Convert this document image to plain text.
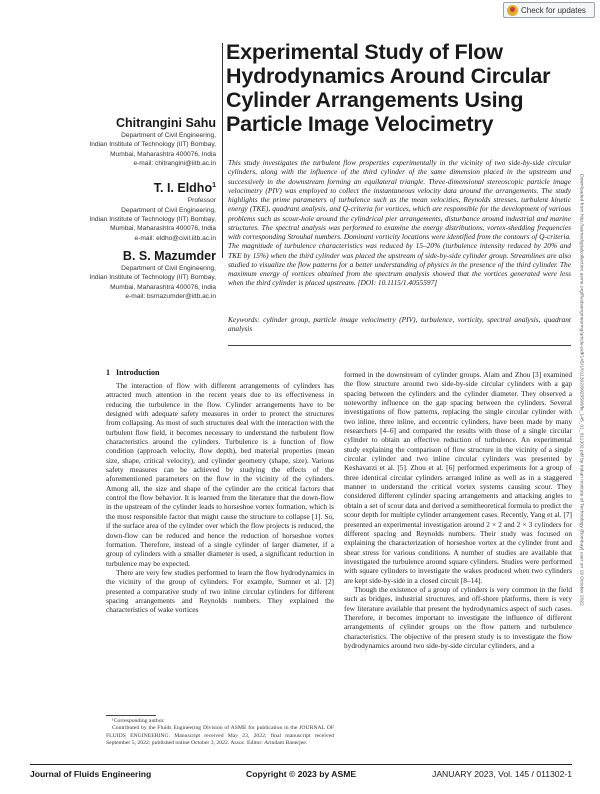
Check for updates
Experimental Study of Flow Hydrodynamics Around Circular Cylinder Arrangements Using Particle Image Velocimetry
Chitrangini Sahu
Department of Civil Engineering,
Indian Institute of Technology (IIT) Bombay,
Mumbai, Maharashtra 400076, India
e-mail: chitrangini@iitb.ac.in
T. I. Eldho$^1$
Professor
Department of Civil Engineering,
Indian Institute of Technology (IIT) Bombay,
Mumbai, Maharashtra 400076, India
e-mail: eldho@civil.iitb.ac.in
B. S. Mazumder
Department of Civil Engineering,
Indian Institute of Technology (IIT) Bombay,
Mumbai, Maharashtra 400076, India
e-mail: bsmazumder@iitb.ac.in
This study investigates the turbulent flow properties experimentally in the vicinity of two side-by-side circular cylinders, along with the influence of the third cylinder of the same dimension placed in the upstream and successively in the downstream forming an equilateral triangle. Three-dimensional stereoscopic particle image velocimetry (PIV) was employed to collect the instantaneous velocity data around the arrangements. The study highlights the prime parameters of turbulence such as the mean velocities, Reynolds stresses, turbulent kinetic energy (TKE), quadrant analysis, and Q-criteria for vortices, which are responsible for the development of various problems such as scour-hole around the cylindrical pier arrangements, disturbance around industrial and marine structures. The spectral analysis was performed to examine the energy distributions, vortex-shedding frequencies with corresponding Strouhal numbers. Dominant vorticity locations were identified from the contours of Q-criteria. The magnitude of turbulence characteristics was reduced by 15–20% (turbulence intensity reduced by 20% and TKE by 15%) when the third cylinder was placed the upstream of side-by-side cylinder group. Streamlines are also studied to visualize the flow patterns for a better understanding of physics in the presence of the third cylinder. The maximum energy of vortices obtained from the spectrum analysis showed that the vortices generated were less when the third cylinder is placed upstream. [DOI: 10.1115/1.4055597]
Keywords: cylinder group, particle image velocimetry (PIV), turbulence, vorticity, spectral analysis, quadrant analysis
1 Introduction

The interaction of flow with different arrangements of cylinders has attracted much attention in the recent years due to its effectiveness in reducing the turbulence in the flow. Cylinder arrangements have to be designed with adequate safety measures in order to protect the structures from collapsing. As most of such structures deal with the interaction with the turbulent flow field, it becomes necessary to understand the turbulent flow characteristics around the cylinders. Turbulence is a function of flow condition (approach velocity, flow depth), bed material properties (mean size, shape, critical velocity), and cylinder geometry (shape, size). Various safety measures can be achieved by studying the effects of the aforementioned parameters on the flow in the vicinity of the cylinders. Among all, the size and shape of the cylinder are the critical factors that control the flow behavior. It is learned from the literature that the down-flow in the upstream of the cylinder leads to horseshoe vortex formation, which is the most responsible factor that might cause the structure to collapse [1]. So, if the surface area of the cylinder over which the flow projects is reduced, the down-flow can be reduced and hence the reduction of horseshoe vortex formation. Therefore, instead of a single cylinder of larger diameter, if a group of cylinders with a smaller diameter is used, a significant reduction in turbulence may be expected.

There are very few studies performed to learn the flow hydrodynamics in the vicinity of the group of cylinders. For example, Sumner et al. [2] presented a comparative study of two inline circular cylinders for different spacing arrangements and Reynolds numbers. They explained the characteristics of wake vortices

formed in the downstream of cylinder groups. Alam and Zhou [3] examined the flow structure around two side-by-side circular cylinders with a gap spacing between the cylinders and the cylinder diameter. They observed a noteworthy influence on the gap spacing between the cylinders. Several investigations of flow patterns, replacing the single circular cylinder with two inline, three inline, and eccentric cylinders, have been made by many researchers [4–6] and compared the results with those of a single circular cylinder to obtain an effective reduction of turbulence. An experimental study explaining the comparison of flow structure in the vicinity of a single circular cylinder and two inline circular cylinders was presented by Keshavarzi et al. [5]. Zhou et al. [6] performed experiments for a group of three identical circular cylinders arranged inline as well as in a staggered manner to understand the critical vortex systems causing scour. They considered different cylinder spacing arrangements and attacking angles to obtain a set of scour data and derived a semitheoretical formula to predict the scour depth for multiple cylinder arrangement cases. Recently, Yang et al. [7] presented an experimental investigation around 2 × 2 and 2 × 3 cylinders for different spacing and Reynolds numbers. Their study was focused on explaining the characterization of horseshoe vortex at the cylinder front and shear stress for various conditions. A number of studies are available that investigated the turbulence around square cylinders. Studies were performed with square cylinders to investigate the wakes produced when two cylinders are kept side-by-side in a closed circuit [8–14].

Though the existence of a group of cylinders is very common in the field such as bridges, industrial structures, and off-shore platforms, there is very few literature available that present the hydrodynamics aspect of such cases. Therefore, it becomes important to investigate the influence of different arrangements of cylinder groups on the flow pattern and turbulence characteristics. The objective of the present study is to investigate the flow hydrodynamics around two side-by-side circular cylinders, and a

¹Corresponding author.

Contributed by the Fluids Engineering Division of ASME for publication in the JOURNAL OF FLUIDS ENGINEERING. Manuscript received May 23, 2022; final manuscript received September 5, 2022; published online October 3, 2022. Assoc. Editor: Arindam Banerjee.

Journal of Fluids Engineering	Copyright © 2023 by ASME	JANUARY 2023, Vol. 145 / 011302-1
Downloaded from http://asmedigitalcollection.asme.org/fluidsengineering/article-pdf/145/1/011302/6925590/fe_145_01_011302.pdf by Indian Institute of Technology (Bombay) user on 19 October 2022
